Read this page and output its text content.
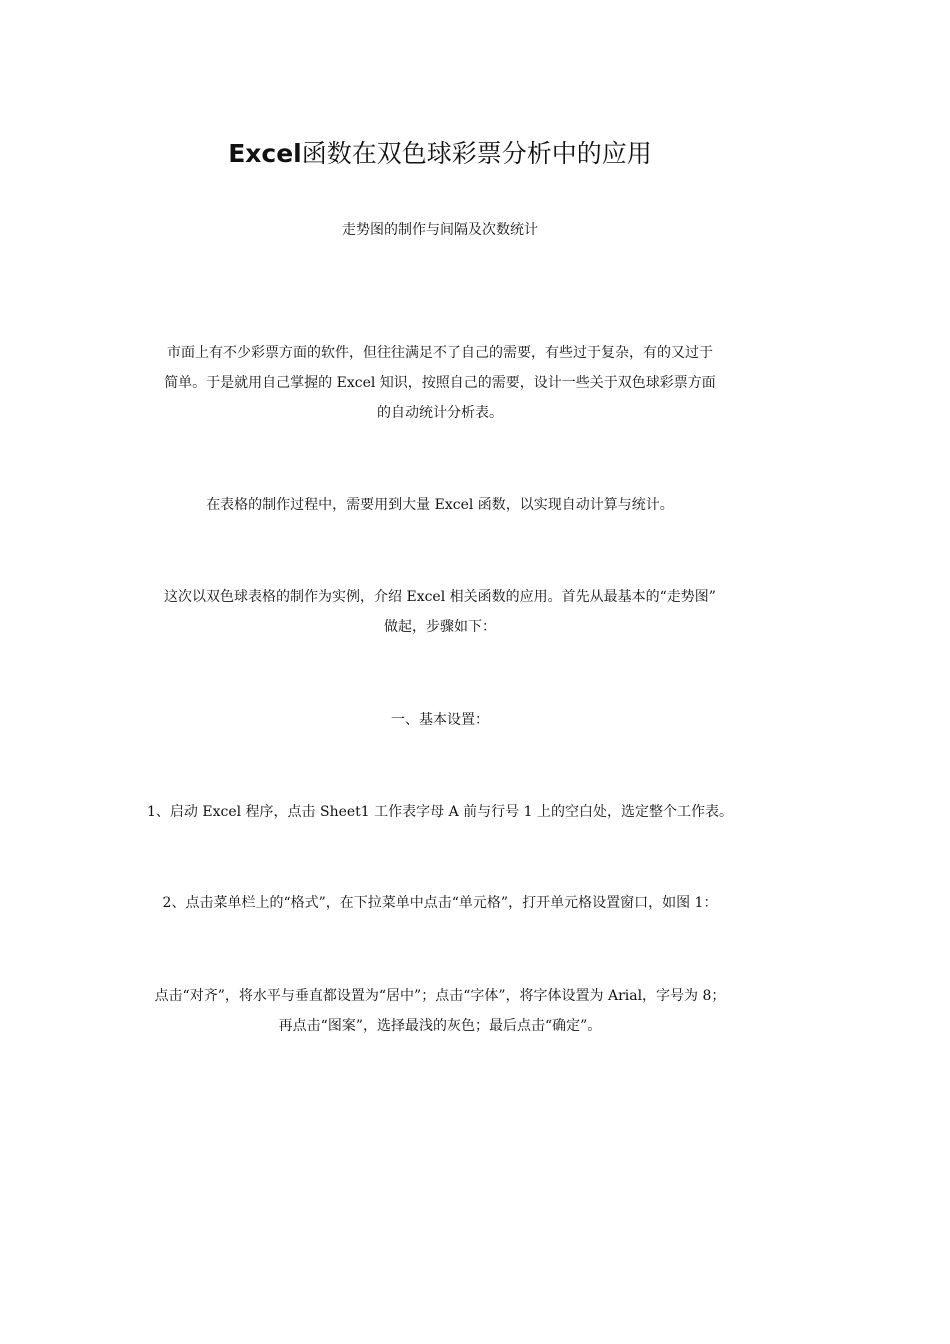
Excel函数在双色球彩票分析中的应用
走势图的制作与间隔及次数统计

市面上有不少彩票方面的软件，但往往满足不了自己的需要，有些过于复杂，有的又过于
简单。于是就用自己掌握的 Excel 知识，按照自己的需要，设计一些关于双色球彩票方面
的自动统计分析表。

在表格的制作过程中，需要用到大量 Excel 函数，以实现自动计算与统计。

这次以双色球表格的制作为实例，介绍 Excel 相关函数的应用。首先从最基本的“走势图”
做起，步骤如下：

一、基本设置：

1、启动 Excel 程序，点击 Sheet1 工作表字母 A 前与行号 1 上的空白处，选定整个工作表。

2、点击菜单栏上的“格式”，在下拉菜单中点击“单元格”，打开单元格设置窗口，如图 1：

点击“对齐”，将水平与垂直都设置为“居中”；点击“字体”，将字体设置为 Arial，字号为 8；
再点击“图案”，选择最浅的灰色；最后点击“确定”。
